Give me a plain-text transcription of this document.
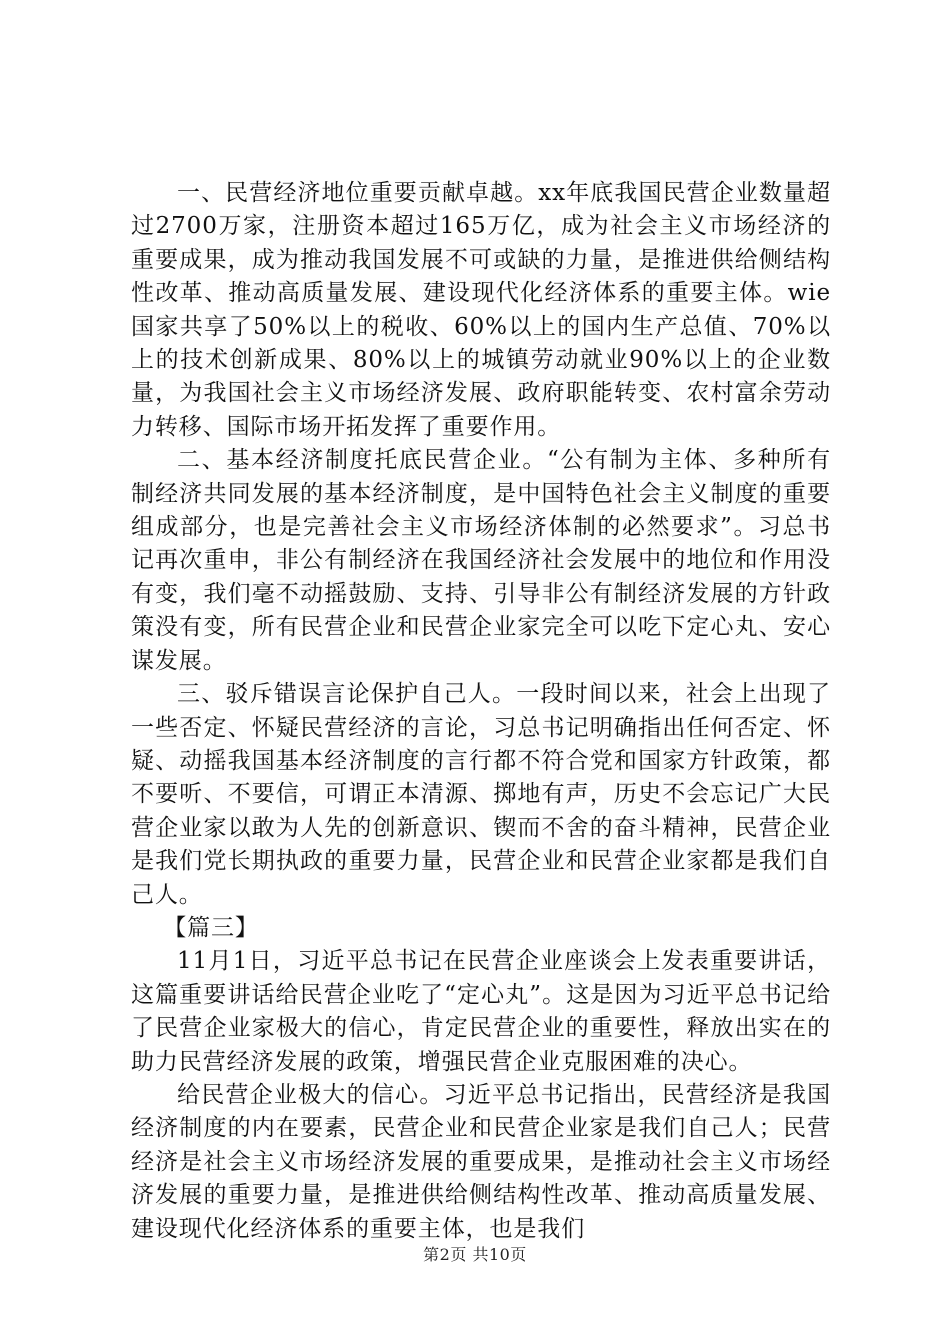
一、民营经济地位重要贡献卓越。xx年底我国民营企业数量超过2700万家，注册资本超过165万亿，成为社会主义市场经济的重要成果，成为推动我国发展不可或缺的力量，是推进供给侧结构性改革、推动高质量发展、建设现代化经济体系的重要主体。wie国家共享了50%以上的税收、60%以上的国内生产总值、70%以上的技术创新成果、80%以上的城镇劳动就业90%以上的企业数量，为我国社会主义市场经济发展、政府职能转变、农村富余劳动力转移、国际市场开拓发挥了重要作用。

二、基本经济制度托底民营企业。“公有制为主体、多种所有制经济共同发展的基本经济制度，是中国特色社会主义制度的重要组成部分，也是完善社会主义市场经济体制的必然要求”。习总书记再次重申，非公有制经济在我国经济社会发展中的地位和作用没有变，我们毫不动摇鼓励、支持、引导非公有制经济发展的方针政策没有变，所有民营企业和民营企业家完全可以吃下定心丸、安心谋发展。

三、驳斥错误言论保护自己人。一段时间以来，社会上出现了一些否定、怀疑民营经济的言论，习总书记明确指出任何否定、怀疑、动摇我国基本经济制度的言行都不符合党和国家方针政策，都不要听、不要信，可谓正本清源、掷地有声，历史不会忘记广大民营企业家以敢为人先的创新意识、锲而不舍的奋斗精神，民营企业是我们党长期执政的重要力量，民营企业和民营企业家都是我们自己人。

【篇三】

11月1日，习近平总书记在民营企业座谈会上发表重要讲话，这篇重要讲话给民营企业吃了“定心丸”。这是因为习近平总书记给了民营企业家极大的信心，肯定民营企业的重要性，释放出实在的助力民营经济发展的政策，增强民营企业克服困难的决心。

给民营企业极大的信心。习近平总书记指出，民营经济是我国经济制度的内在要素，民营企业和民营企业家是我们自己人；民营经济是社会主义市场经济发展的重要成果，是推动社会主义市场经济发展的重要力量，是推进供给侧结构性改革、推动高质量发展、建设现代化经济体系的重要主体，也是我们

第2页 共10页
